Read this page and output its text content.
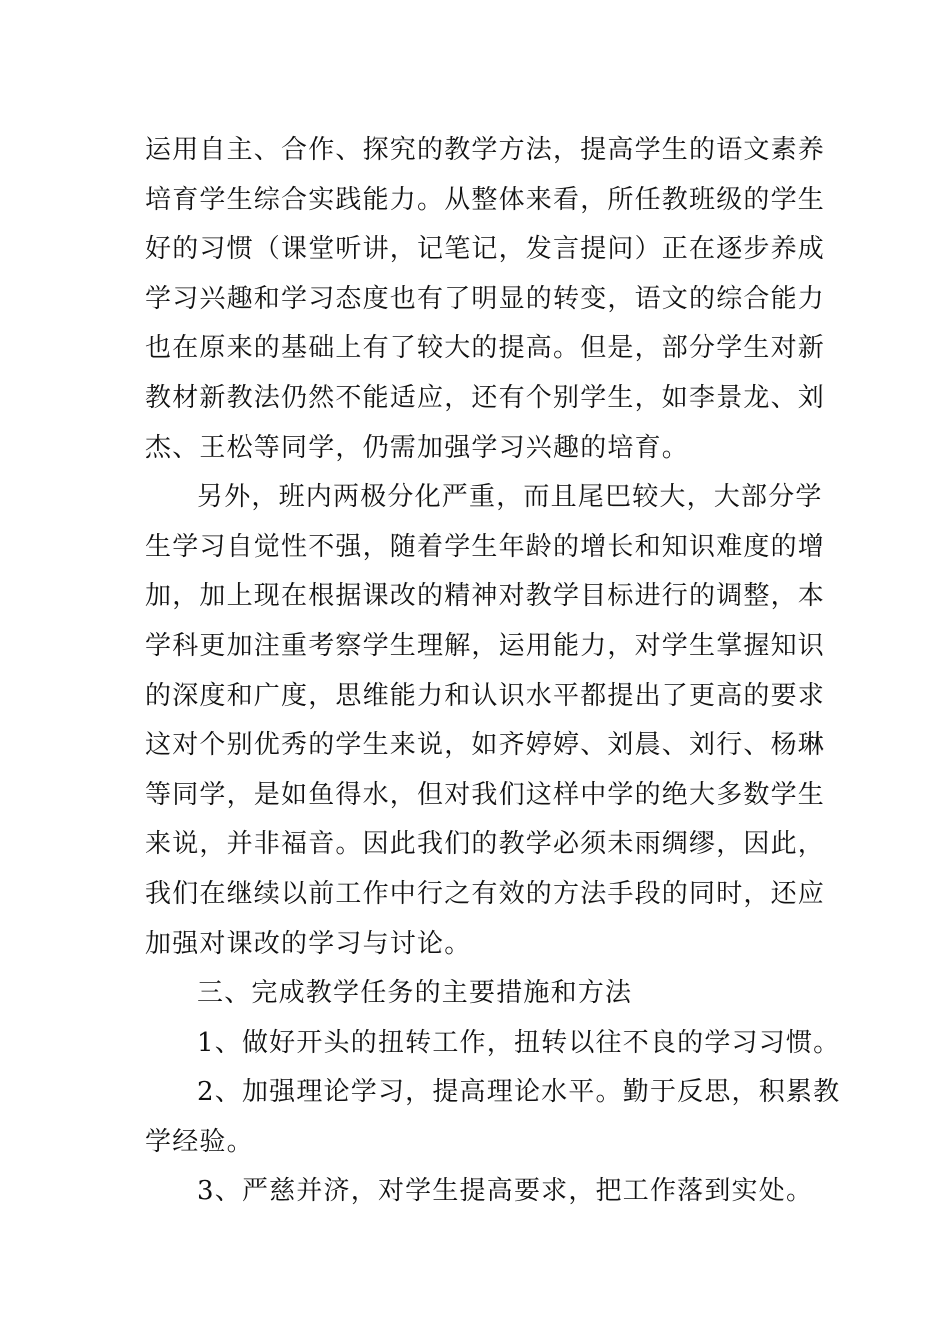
运用自主、合作、探究的教学方法，提高学生的语文素养
培育学生综合实践能力。从整体来看，所任教班级的学生
好的习惯（课堂听讲，记笔记，发言提问）正在逐步养成
学习兴趣和学习态度也有了明显的转变，语文的综合能力
也在原来的基础上有了较大的提高。但是，部分学生对新
教材新教法仍然不能适应，还有个别学生，如李景龙、刘
杰、王松等同学，仍需加强学习兴趣的培育。
另外，班内两极分化严重，而且尾巴较大，大部分学
生学习自觉性不强，随着学生年龄的增长和知识难度的增
加，加上现在根据课改的精神对教学目标进行的调整，本
学科更加注重考察学生理解，运用能力，对学生掌握知识
的深度和广度，思维能力和认识水平都提出了更高的要求
这对个别优秀的学生来说，如齐婷婷、刘晨、刘行、杨琳
等同学，是如鱼得水，但对我们这样中学的绝大多数学生
来说，并非福音。因此我们的教学必须未雨绸缪，因此，
我们在继续以前工作中行之有效的方法手段的同时，还应
加强对课改的学习与讨论。
三、完成教学任务的主要措施和方法
1、做好开头的扭转工作，扭转以往不良的学习习惯。
2、加强理论学习，提高理论水平。勤于反思，积累教
学经验。
3、严慈并济，对学生提高要求，把工作落到实处。
